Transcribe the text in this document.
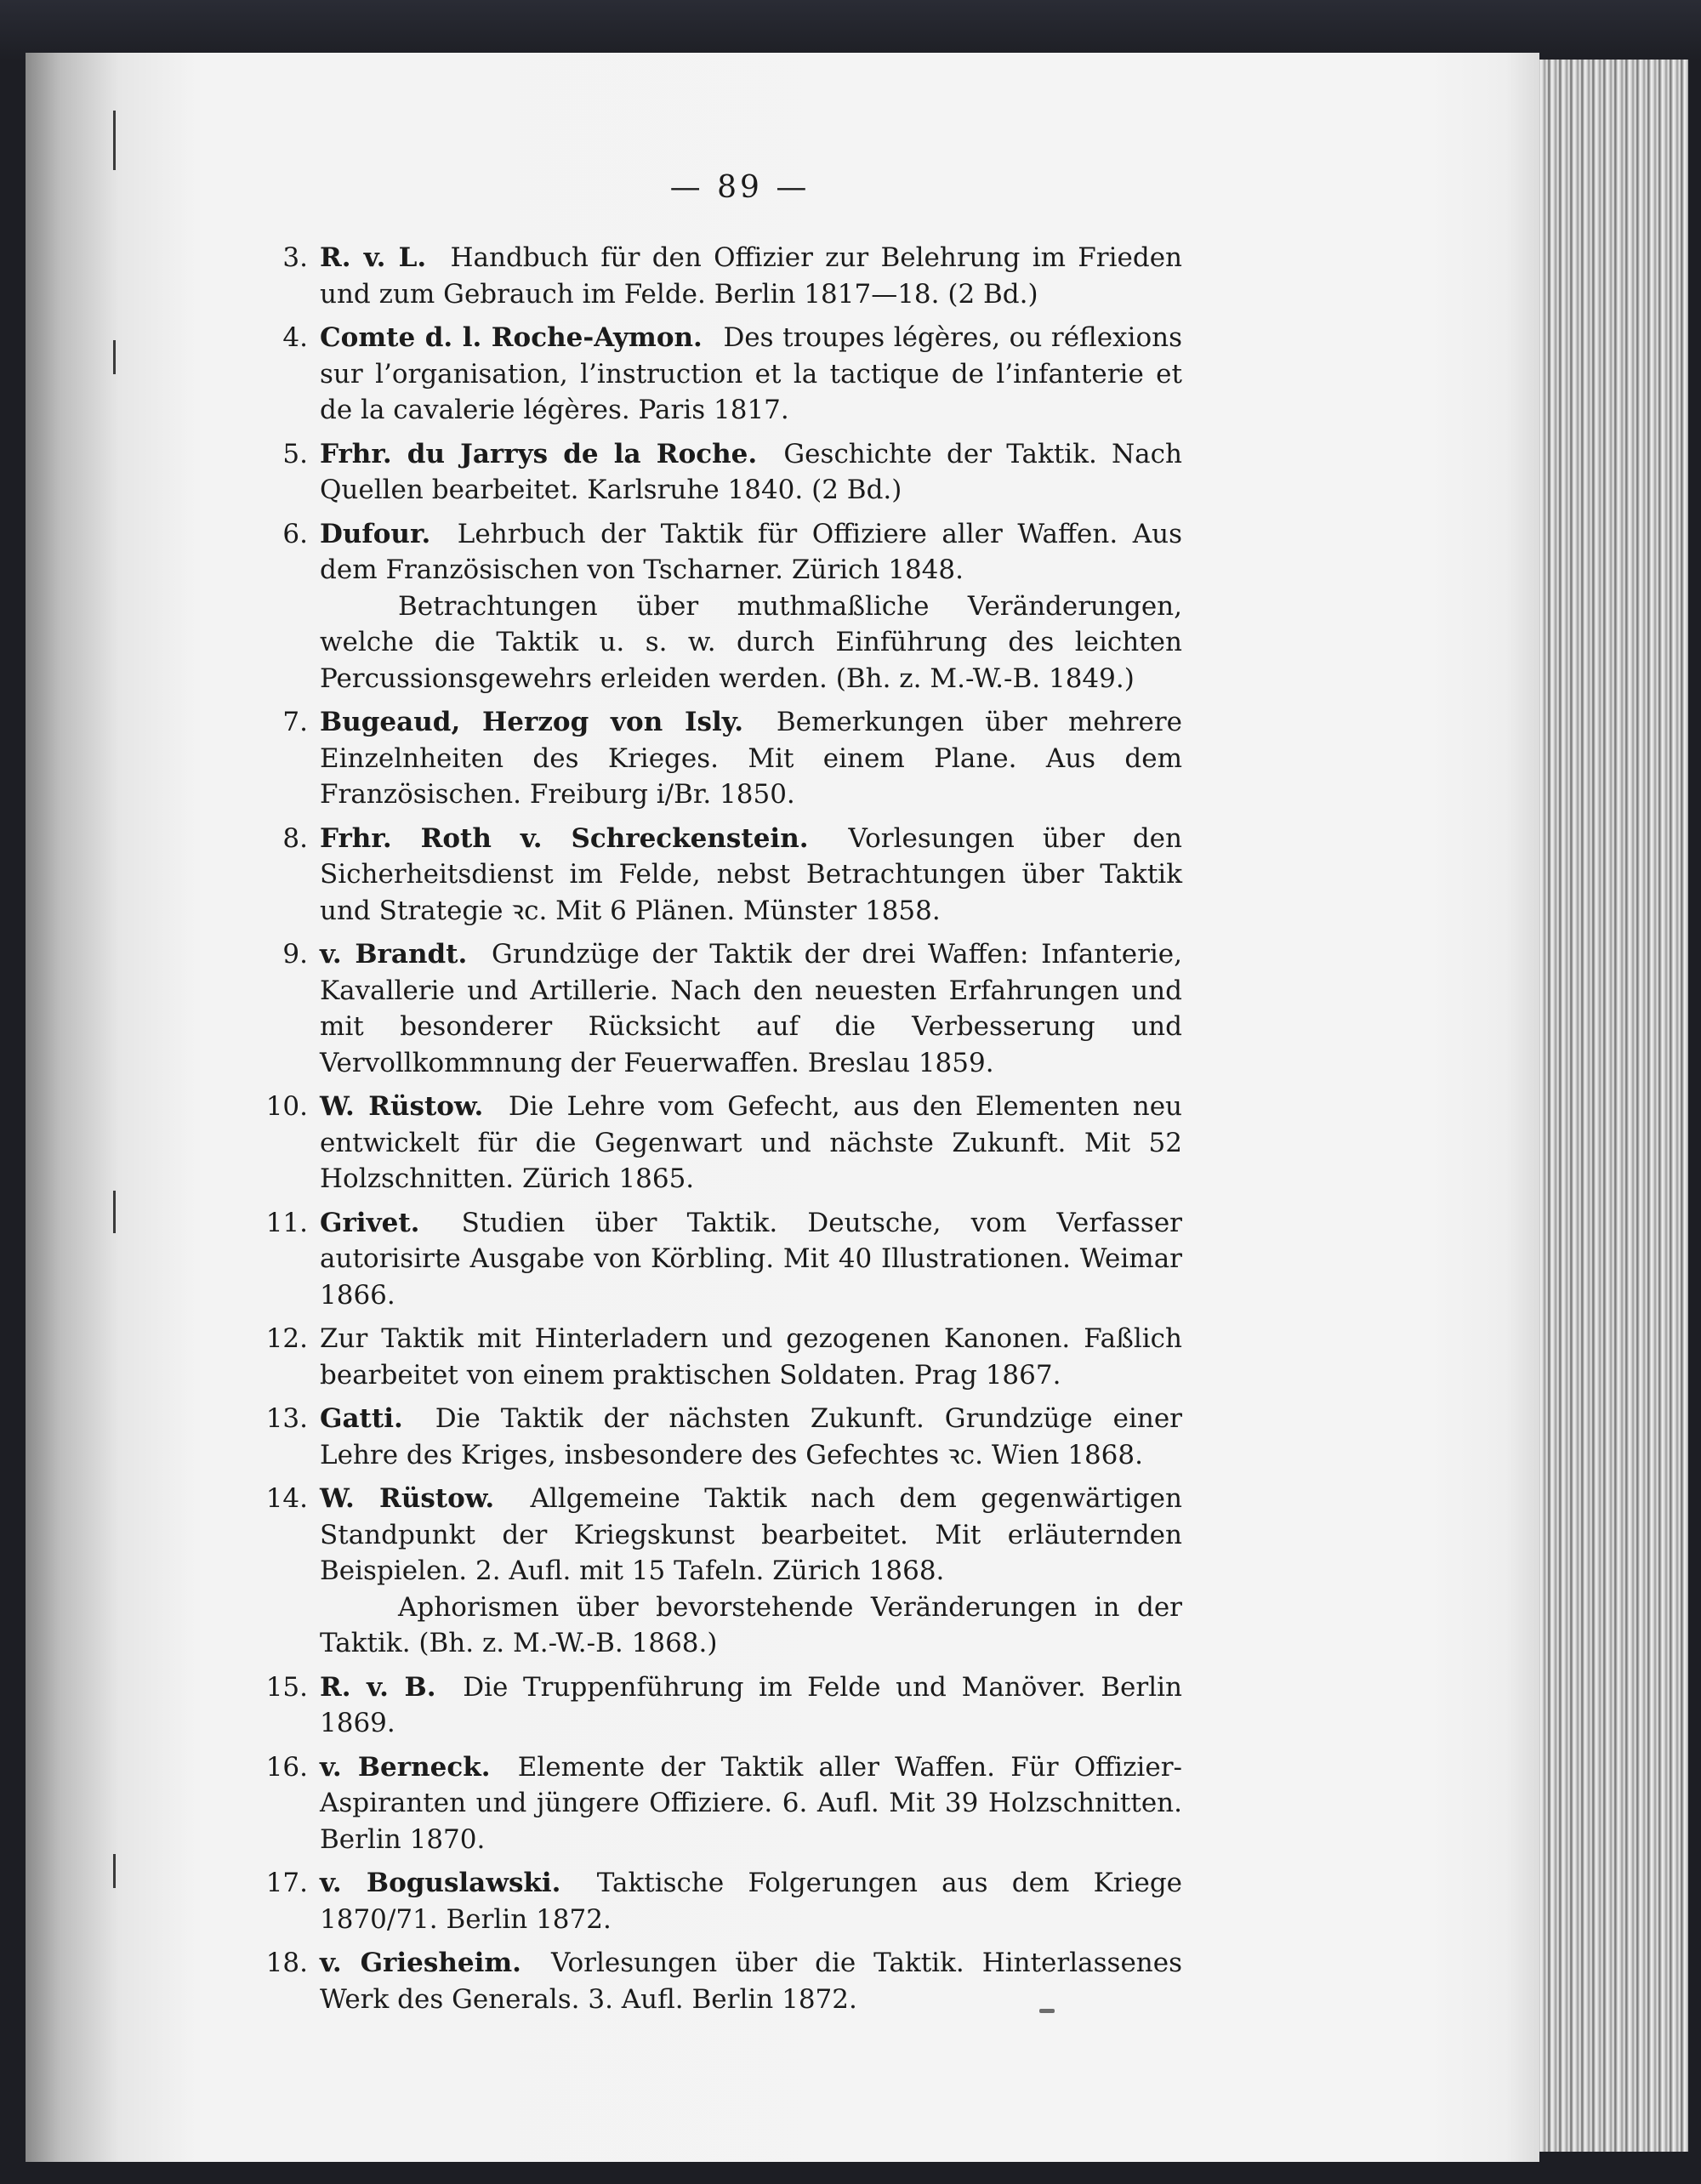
— 89 —
3. R. v. L. Handbuch für den Offizier zur Belehrung im Frieden und zum Gebrauch im Felde. Berlin 1817—18. (2 Bd.)
4. Comte d. l. Roche-Aymon. Des troupes légères, ou réflexions sur l’organisation, l’instruction et la tactique de l’infanterie et de la cavalerie légères. Paris 1817.
5. Frhr. du Jarrys de la Roche. Geschichte der Taktik. Nach Quellen bearbeitet. Karlsruhe 1840. (2 Bd.)
6. Dufour. Lehrbuch der Taktik für Offiziere aller Waffen. Aus dem Französischen von Tscharner. Zürich 1848.
Betrachtungen über muthmaßliche Veränderungen, welche die Taktik u. s. w. durch Einführung des leichten Percussionsgewehrs erleiden werden. (Bh. z. M.-W.-B. 1849.)
7. Bugeaud, Herzog von Isly. Bemerkungen über mehrere Einzelnheiten des Krieges. Mit einem Plane. Aus dem Französischen. Freiburg i/Br. 1850.
8. Frhr. Roth v. Schreckenstein. Vorlesungen über den Sicherheitsdienst im Felde, nebst Betrachtungen über Taktik und Strategie ꝛc. Mit 6 Plänen. Münster 1858.
9. v. Brandt. Grundzüge der Taktik der drei Waffen: Infanterie, Kavallerie und Artillerie. Nach den neuesten Erfahrungen und mit besonderer Rücksicht auf die Verbesserung und Vervollkommnung der Feuerwaffen. Breslau 1859.
10. W. Rüstow. Die Lehre vom Gefecht, aus den Elementen neu entwickelt für die Gegenwart und nächste Zukunft. Mit 52 Holzschnitten. Zürich 1865.
11. Grivet. Studien über Taktik. Deutsche, vom Verfasser autorisirte Ausgabe von Körbling. Mit 40 Illustrationen. Weimar 1866.
12. Zur Taktik mit Hinterladern und gezogenen Kanonen. Faßlich bearbeitet von einem praktischen Soldaten. Prag 1867.
13. Gatti. Die Taktik der nächsten Zukunft. Grundzüge einer Lehre des Kriges, insbesondere des Gefechtes ꝛc. Wien 1868.
14. W. Rüstow. Allgemeine Taktik nach dem gegenwärtigen Standpunkt der Kriegskunst bearbeitet. Mit erläuternden Beispielen. 2. Aufl. mit 15 Tafeln. Zürich 1868.
Aphorismen über bevorstehende Veränderungen in der Taktik. (Bh. z. M.-W.-B. 1868.)
15. R. v. B. Die Truppenführung im Felde und Manöver. Berlin 1869.
16. v. Berneck. Elemente der Taktik aller Waffen. Für Offizier-Aspiranten und jüngere Offiziere. 6. Aufl. Mit 39 Holzschnitten. Berlin 1870.
17. v. Boguslawski. Taktische Folgerungen aus dem Kriege 1870/71. Berlin 1872.
18. v. Griesheim. Vorlesungen über die Taktik. Hinterlassenes Werk des Generals. 3. Aufl. Berlin 1872.
